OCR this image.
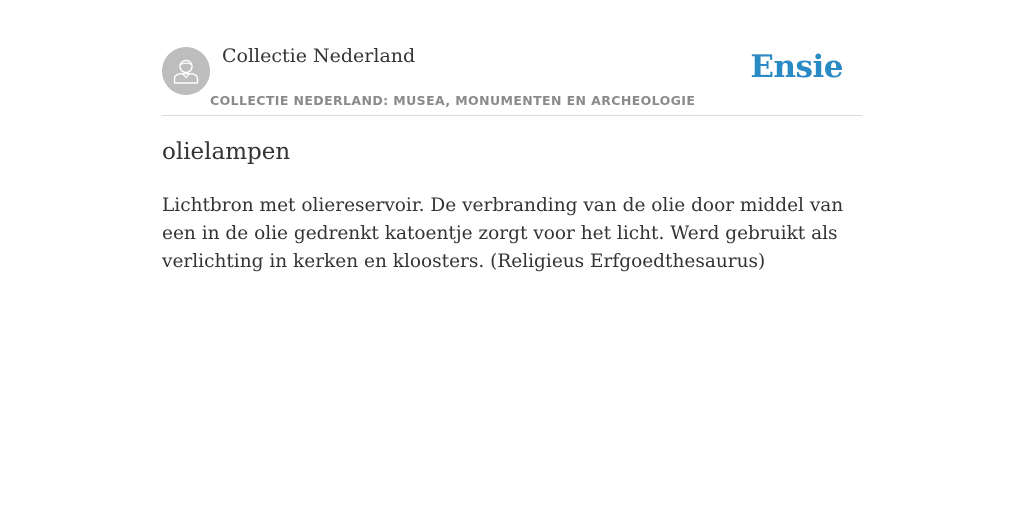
Collectie Nederland
COLLECTIE NEDERLAND: MUSEA, MONUMENTEN EN ARCHEOLOGIE
Ensie
olielampen

Lichtbron met oliereservoir. De verbranding van de olie door middel van een in de olie gedrenkt katoentje zorgt voor het licht. Werd gebruikt als verlichting in kerken en kloosters. (Religieus Erfgoedthesaurus)
